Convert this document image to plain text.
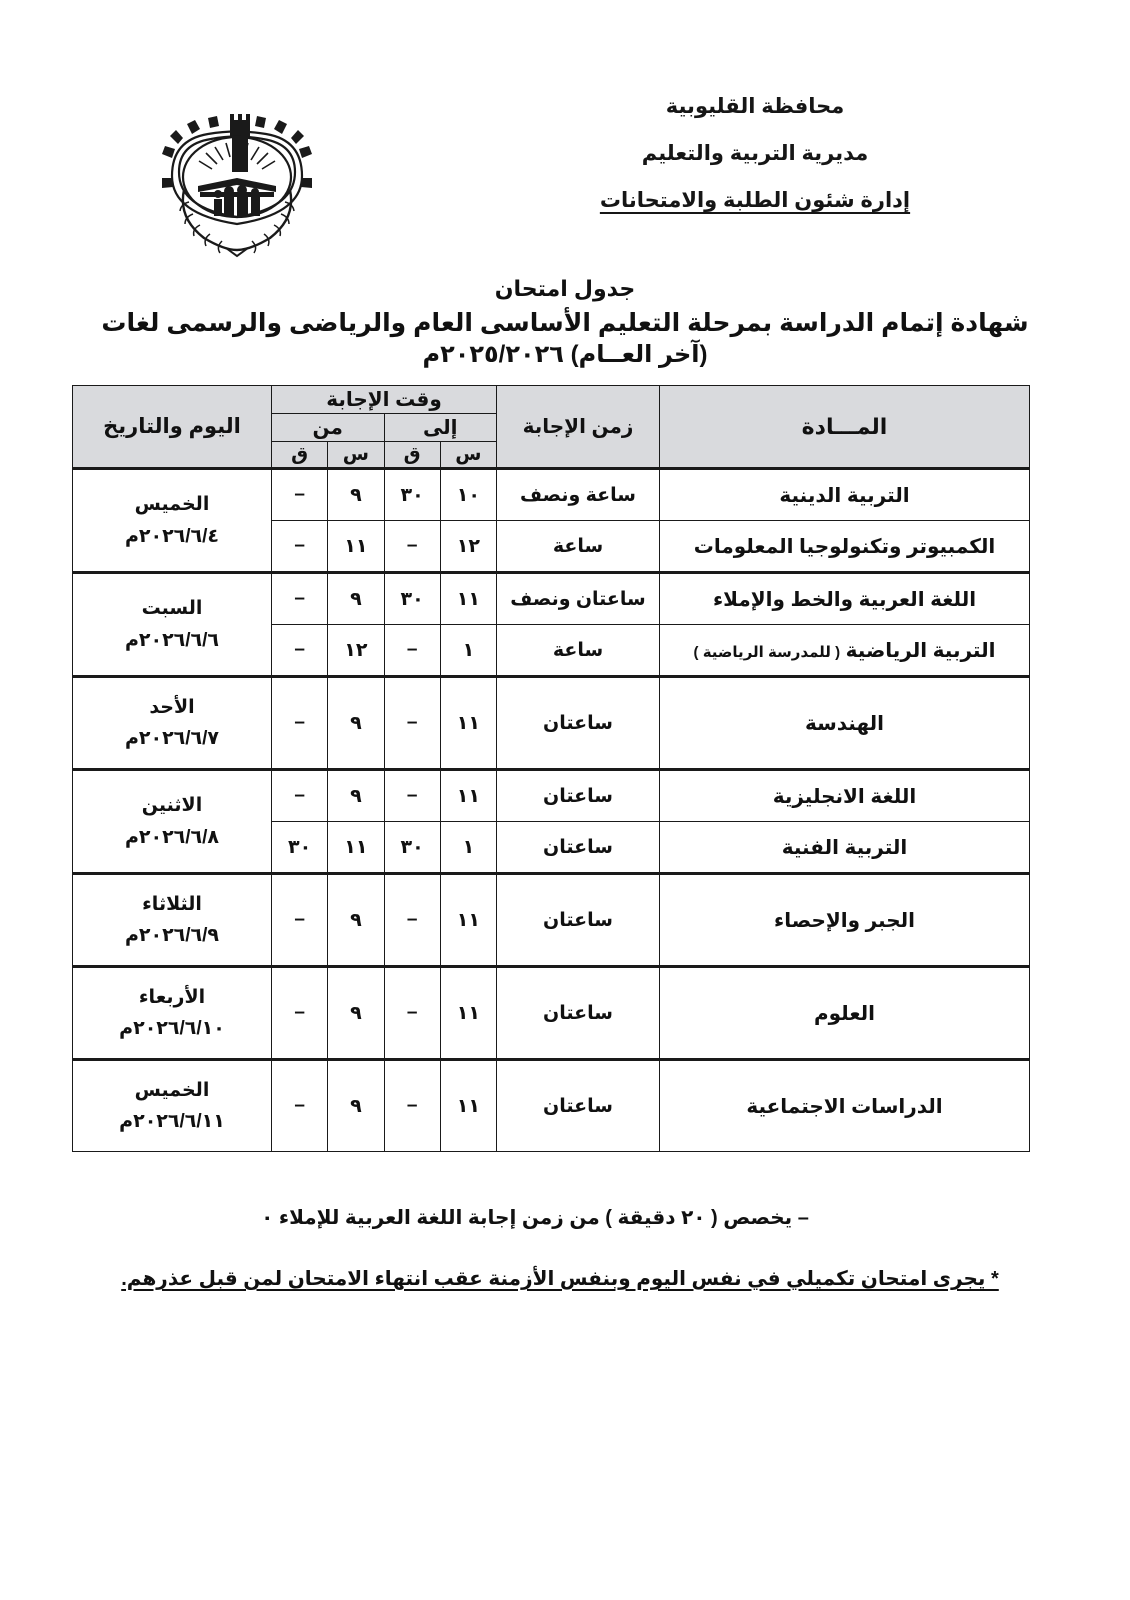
محافظة القليوبية
مديرية التربية والتعليم
إدارة شئون الطلبة والامتحانات
جدول امتحان
شهادة إتمام الدراسة بمرحلة التعليم الأساسى العام والرياضى والرسمى لغات
(آخر العــام) ٢٠٢٥/٢٠٢٦م
المـــادة	زمن الإجابة	وقت الإجابة				اليوم والتاريخ
		إلى		من		
		س	ق	س	ق	
التربية الدينية	ساعة ونصف	١٠	٣٠	٩	–	الخميس
٢٠٢٦/٦/٤م

الكمبيوتر وتكنولوجيا المعلومات	ساعة	١٢	–	١١	–	
اللغة العربية والخط والإملاء	ساعتان ونصف	١١	٣٠	٩	–	السبت
٢٠٢٦/٦/٦م

التربية الرياضية ( للمدرسة الرياضية )	ساعة	١	–	١٢	–	
الهندسة	ساعتان	١١	–	٩	–	الأحد
٢٠٢٦/٦/٧م

اللغة الانجليزية	ساعتان	١١	–	٩	–	الاثنين
٢٠٢٦/٦/٨م

التربية الفنية	ساعتان	١	٣٠	١١	٣٠	
الجبر والإحصاء	ساعتان	١١	–	٩	–	الثلاثاء
٢٠٢٦/٦/٩م

العلوم	ساعتان	١١	–	٩	–	الأربعاء
٢٠٢٦/٦/١٠م

الدراسات الاجتماعية	ساعتان	١١	–	٩	–	الخميس
٢٠٢٦/٦/١١م
– يخصص ( ٢٠ دقيقة ) من زمن إجابة اللغة العربية للإملاء ٠
* يجرى امتحان تكميلي في نفس اليوم وبنفس الأزمنة عقب انتهاء الامتحان لمن قبل عذرهم.
